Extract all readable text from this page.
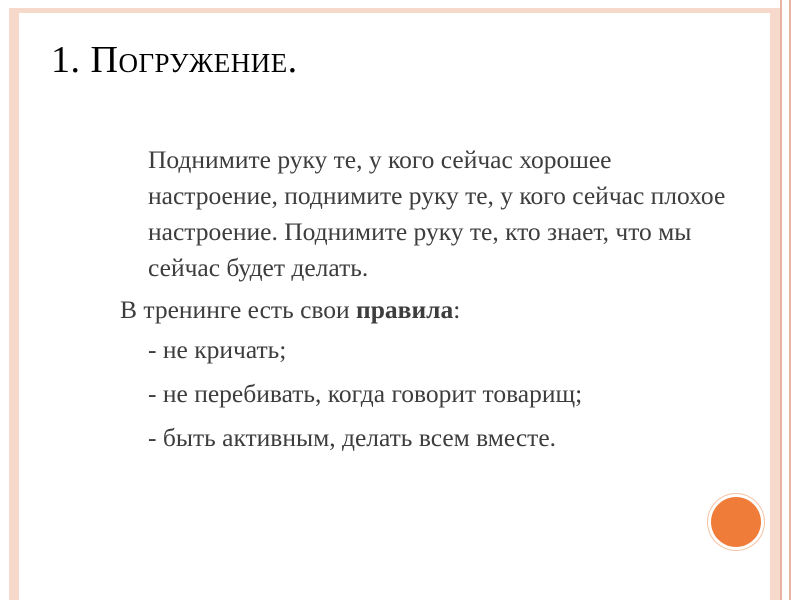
1. Погружение.
Поднимите руку те, у кого сейчас хорошее настроение, поднимите руку те, у кого сейчас плохое настроение. Поднимите руку те, кто знает, что мы сейчас будет делать.
В тренинге есть свои правила:
- не кричать;
- не перебивать, когда говорит товарищ;
- быть активным, делать всем вместе.
